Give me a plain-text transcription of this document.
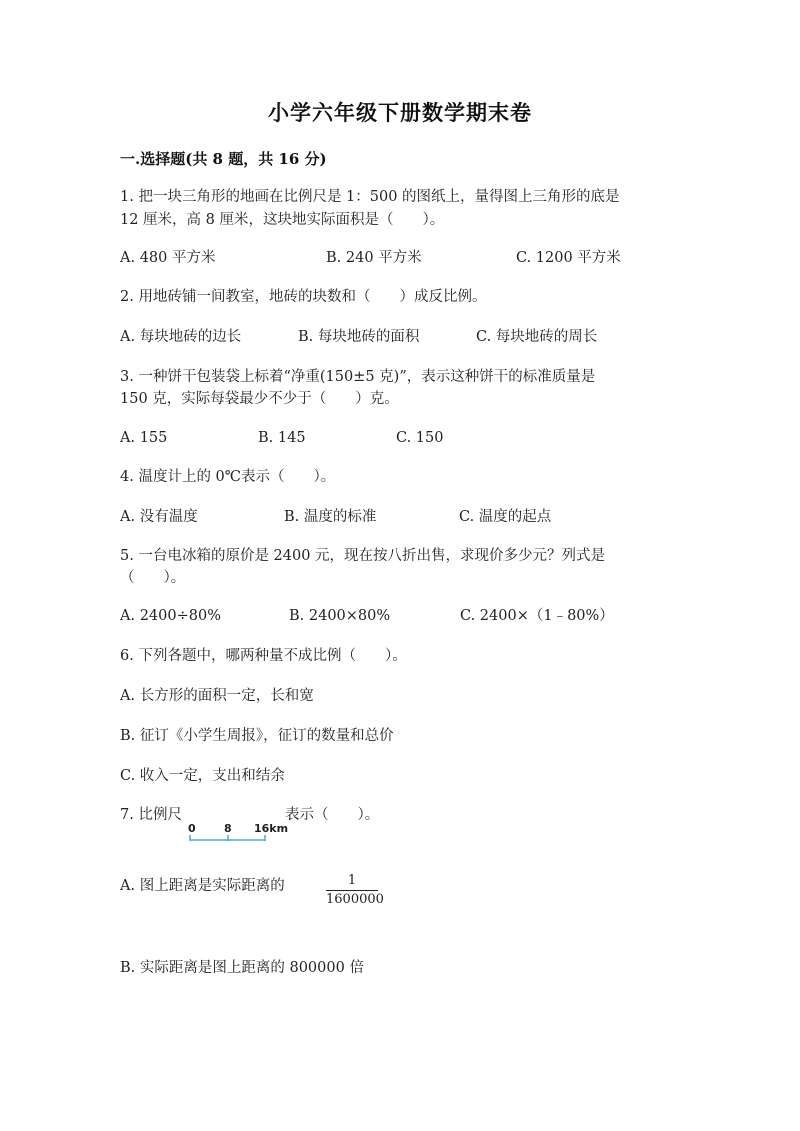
小学六年级下册数学期末卷
一.选择题(共 8 题，共 16 分)
1. 把一块三角形的地画在比例尺是 1：500 的图纸上，量得图上三角形的底是
12 厘米，高 8 厘米，这块地实际面积是（　　）。
A. 480 平方米	B. 240 平方米	C. 1200 平方米
2. 用地砖铺一间教室，地砖的块数和（　　）成反比例。
A. 每块地砖的边长	B. 每块地砖的面积	C. 每块地砖的周长
3. 一种饼干包装袋上标着“净重(150±5 克)”，表示这种饼干的标准质量是
150 克，实际每袋最少不少于（　　）克。
A. 155	B. 145	C. 150
4. 温度计上的 0℃表示（　　）。
A. 没有温度	B. 温度的标准	C. 温度的起点
5. 一台电冰箱的原价是 2400 元，现在按八折出售，求现价多少元？列式是
（　　）。
A. 2400÷80%	B. 2400×80%	C. 2400×（1﹣80%）
6. 下列各题中，哪两种量不成比例（　　）。
A. 长方形的面积一定，长和宽
B. 征订《小学生周报》，征订的数量和总价
C. 收入一定，支出和结余
7. 比例尺
0	8 16km
表示（　　）。
A. 图上距离是实际距离的	1
1600000
B. 实际距离是图上距离的 800000 倍
